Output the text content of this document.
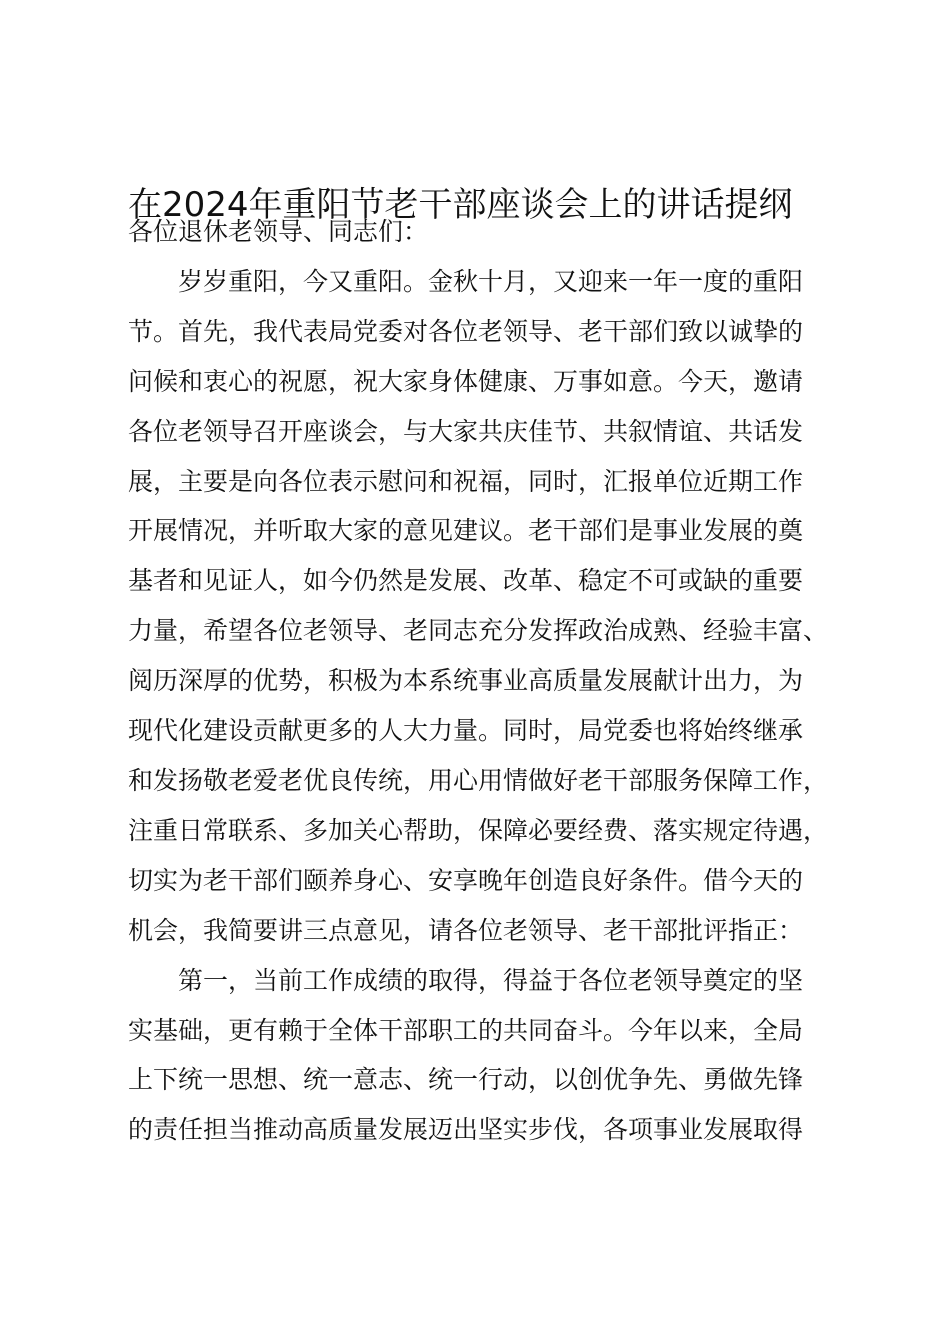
在2024年重阳节老干部座谈会上的讲话提纲

各位退休老领导、同志们：

岁岁重阳，今又重阳。金秋十月，又迎来一年一度的重阳
节。首先，我代表局党委对各位老领导、老干部们致以诚挚的
问候和衷心的祝愿，祝大家身体健康、万事如意。今天，邀请
各位老领导召开座谈会，与大家共庆佳节、共叙情谊、共话发
展，主要是向各位表示慰问和祝福，同时，汇报单位近期工作
开展情况，并听取大家的意见建议。老干部们是事业发展的奠
基者和见证人，如今仍然是发展、改革、稳定不可或缺的重要
力量，希望各位老领导、老同志充分发挥政治成熟、经验丰富、
阅历深厚的优势，积极为本系统事业高质量发展献计出力，为
现代化建设贡献更多的人大力量。同时，局党委也将始终继承
和发扬敬老爱老优良传统，用心用情做好老干部服务保障工作，
注重日常联系、多加关心帮助，保障必要经费、落实规定待遇，
切实为老干部们颐养身心、安享晚年创造良好条件。借今天的
机会，我简要讲三点意见，请各位老领导、老干部批评指正：

第一，当前工作成绩的取得，得益于各位老领导奠定的坚
实基础，更有赖于全体干部职工的共同奋斗。今年以来，全局
上下统一思想、统一意志、统一行动，以创优争先、勇做先锋
的责任担当推动高质量发展迈出坚实步伐，各项事业发展取得
